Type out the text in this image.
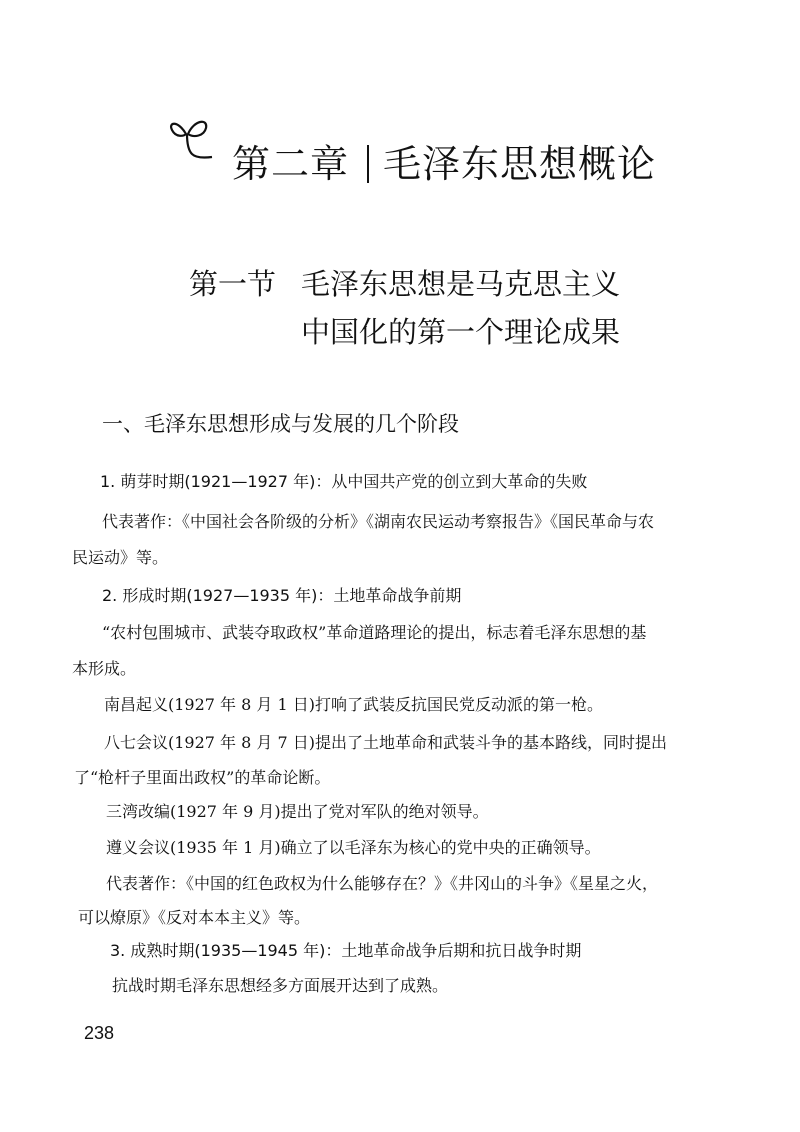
第二章 毛泽东思想概论
第一节 毛泽东思想是马克思主义
中国化的第一个理论成果
一、毛泽东思想形成与发展的几个阶段
1. 萌芽时期(1921—1927 年)：从中国共产党的创立到大革命的失败
代表著作：《中国社会各阶级的分析》《湖南农民运动考察报告》《国民革命与农
民运动》等。
2. 形成时期(1927—1935 年)：土地革命战争前期
“农村包围城市、武装夺取政权”革命道路理论的提出，标志着毛泽东思想的基
本形成。
南昌起义(1927 年 8 月 1 日)打响了武装反抗国民党反动派的第一枪。
八七会议(1927 年 8 月 7 日)提出了土地革命和武装斗争的基本路线，同时提出
了“枪杆子里面出政权”的革命论断。
三湾改编(1927 年 9 月)提出了党对军队的绝对领导。
遵义会议(1935 年 1 月)确立了以毛泽东为核心的党中央的正确领导。
代表著作：《中国的红色政权为什么能够存在？》《井冈山的斗争》《星星之火，
可以燎原》《反对本本主义》等。
3. 成熟时期(1935—1945 年)：土地革命战争后期和抗日战争时期
抗战时期毛泽东思想经多方面展开达到了成熟。
238
